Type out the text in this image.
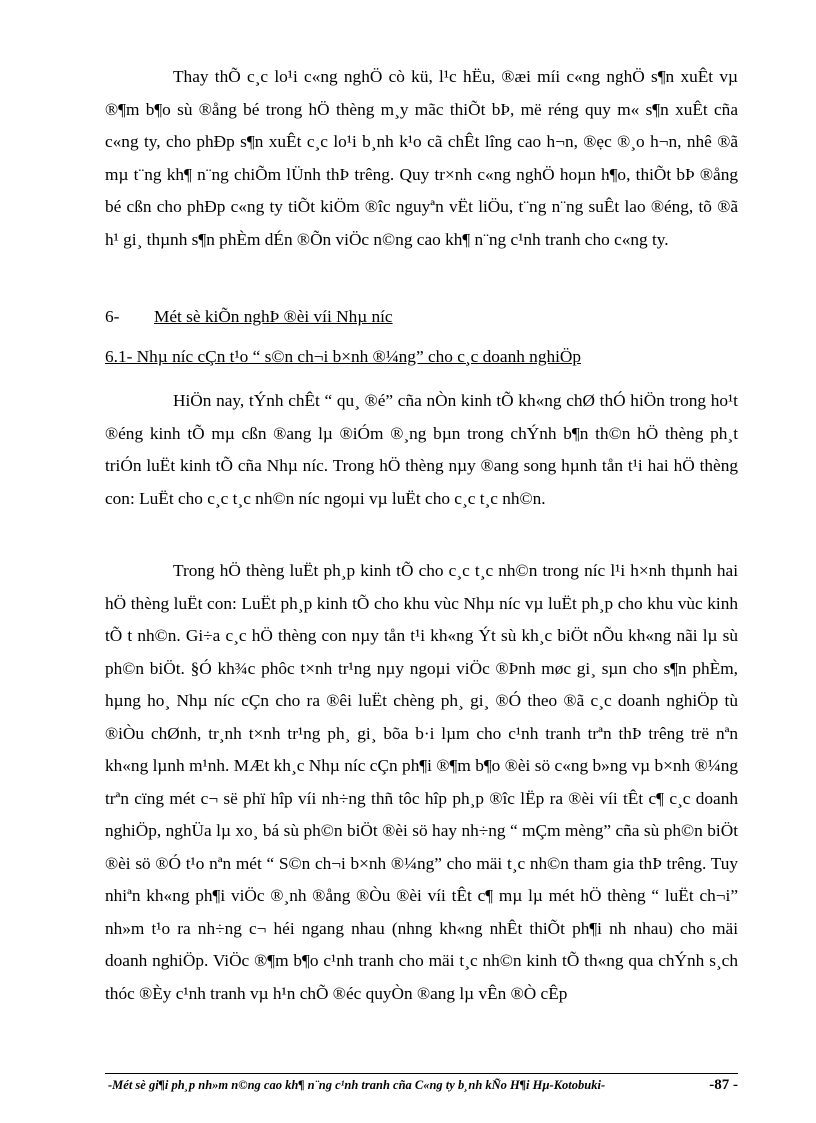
Thay thÕ c¸c lo¹i c«ng nghÖ cò kü, l¹c hËu, ®æi míi c«ng nghÖ s¶n xuÊt vµ ®¶m b¶o sù ®ång bé trong hÖ thèng m¸y mãc thiÕt bÞ, më réng quy m« s¶n xuÊt cña c«ng ty, cho phÐp s¶n xuÊt c¸c lo¹i b¸nh k¹o cã chÊt lîng cao h¬n, ®ẹc ®¸o h¬n, nhê ®ã mµ t¨ng kh¶ n¨ng chiÕm lÜnh thÞ trêng. Quy tr×nh c«ng nghÖ hoµn h¶o, thiÕt bÞ ®ång bé cßn cho phÐp c«ng ty tiÕt kiÖm ®îc nguyªn vËt liÖu, t¨ng n¨ng suÊt lao ®éng, tõ ®ã h¹ gi¸ thµnh s¶n phÈm dÉn ®Õn viÖc n©ng cao kh¶ n¨ng c¹nh tranh cho c«ng ty.

6- Mét sè kiÕn nghÞ ®èi víi Nhµ níc

6.1- Nhµ níc cÇn t¹o “ s©n ch¬i b×nh ®¼ng” cho c¸c doanh nghiÖp

HiÖn nay, tÝnh chÊt “ qu¸ ®é” cña nÒn kinh tÕ kh«ng chØ thÓ hiÖn trong ho¹t ®éng kinh tÕ mµ cßn ®ang lµ ®iÓm ®¸ng bµn trong chÝnh b¶n th©n hÖ thèng ph¸t triÓn luËt kinh tÕ cña Nhµ níc. Trong hÖ thèng nµy ®ang song hµnh tån t¹i hai hÖ thèng con: LuËt cho c¸c t¸c nh©n níc ngoµi vµ luËt cho c¸c t¸c nh©n.

Trong hÖ thèng luËt ph¸p kinh tÕ cho c¸c t¸c nh©n trong níc l¹i h×nh thµnh hai hÖ thèng luËt con: LuËt ph¸p kinh tÕ cho khu vùc Nhµ níc vµ luËt ph¸p cho khu vùc kinh tÕ t nh©n. Gi÷a c¸c hÖ thèng con nµy tån t¹i kh«ng Ýt sù kh¸c biÖt nÕu kh«ng nãi lµ sù ph©n biÖt. §Ó kh¾c phôc t×nh tr¹ng nµy ngoµi viÖc ®Þnh møc gi¸ sµn cho s¶n phÈm, hµng ho¸ Nhµ níc cÇn cho ra ®êi luËt chèng ph¸ gi¸ ®Ó theo ®ã c¸c doanh nghiÖp tù ®iÒu chØnh, tr¸nh t×nh tr¹ng ph¸ gi¸ bõa b·i lµm cho c¹nh tranh trªn thÞ trêng trë nªn kh«ng lµnh m¹nh. MÆt kh¸c Nhµ níc cÇn ph¶i ®¶m b¶o ®èi sö c«ng b»ng vµ b×nh ®¼ng trªn cïng mét c¬ së phï hîp víi nh÷ng thñ tôc hîp ph¸p ®îc lËp ra ®èi víi tÊt c¶ c¸c doanh nghiÖp, nghÜa lµ xo¸ bá sù ph©n biÖt ®èi sö hay nh÷ng “ mÇm mèng” cña sù ph©n biÖt ®èi sö ®Ó t¹o nªn mét “ S©n ch¬i b×nh ®¼ng” cho mäi t¸c nh©n tham gia thÞ trêng. Tuy nhiªn kh«ng ph¶i viÖc ®¸nh ®ång ®Òu ®èi víi tÊt c¶ mµ lµ mét hÖ thèng “ luËt ch¬i” nh»m t¹o ra nh÷ng c¬ héi ngang nhau (nhng kh«ng nhÊt thiÕt ph¶i nh nhau) cho mäi doanh nghiÖp. ViÖc ®¶m b¶o c¹nh tranh cho mäi t¸c nh©n kinh tÕ th«ng qua chÝnh s¸ch thóc ®Èy c¹nh tranh vµ h¹n chÕ ®éc quyÒn ®ang lµ vÊn ®Ò cÊp

-Mét sè gi¶i ph¸p nh»m n©ng cao kh¶ n¨ng c¹nh tranh cña C«ng ty b¸nh kÑo H¶i Hµ-Kotobuki-	-87 -
